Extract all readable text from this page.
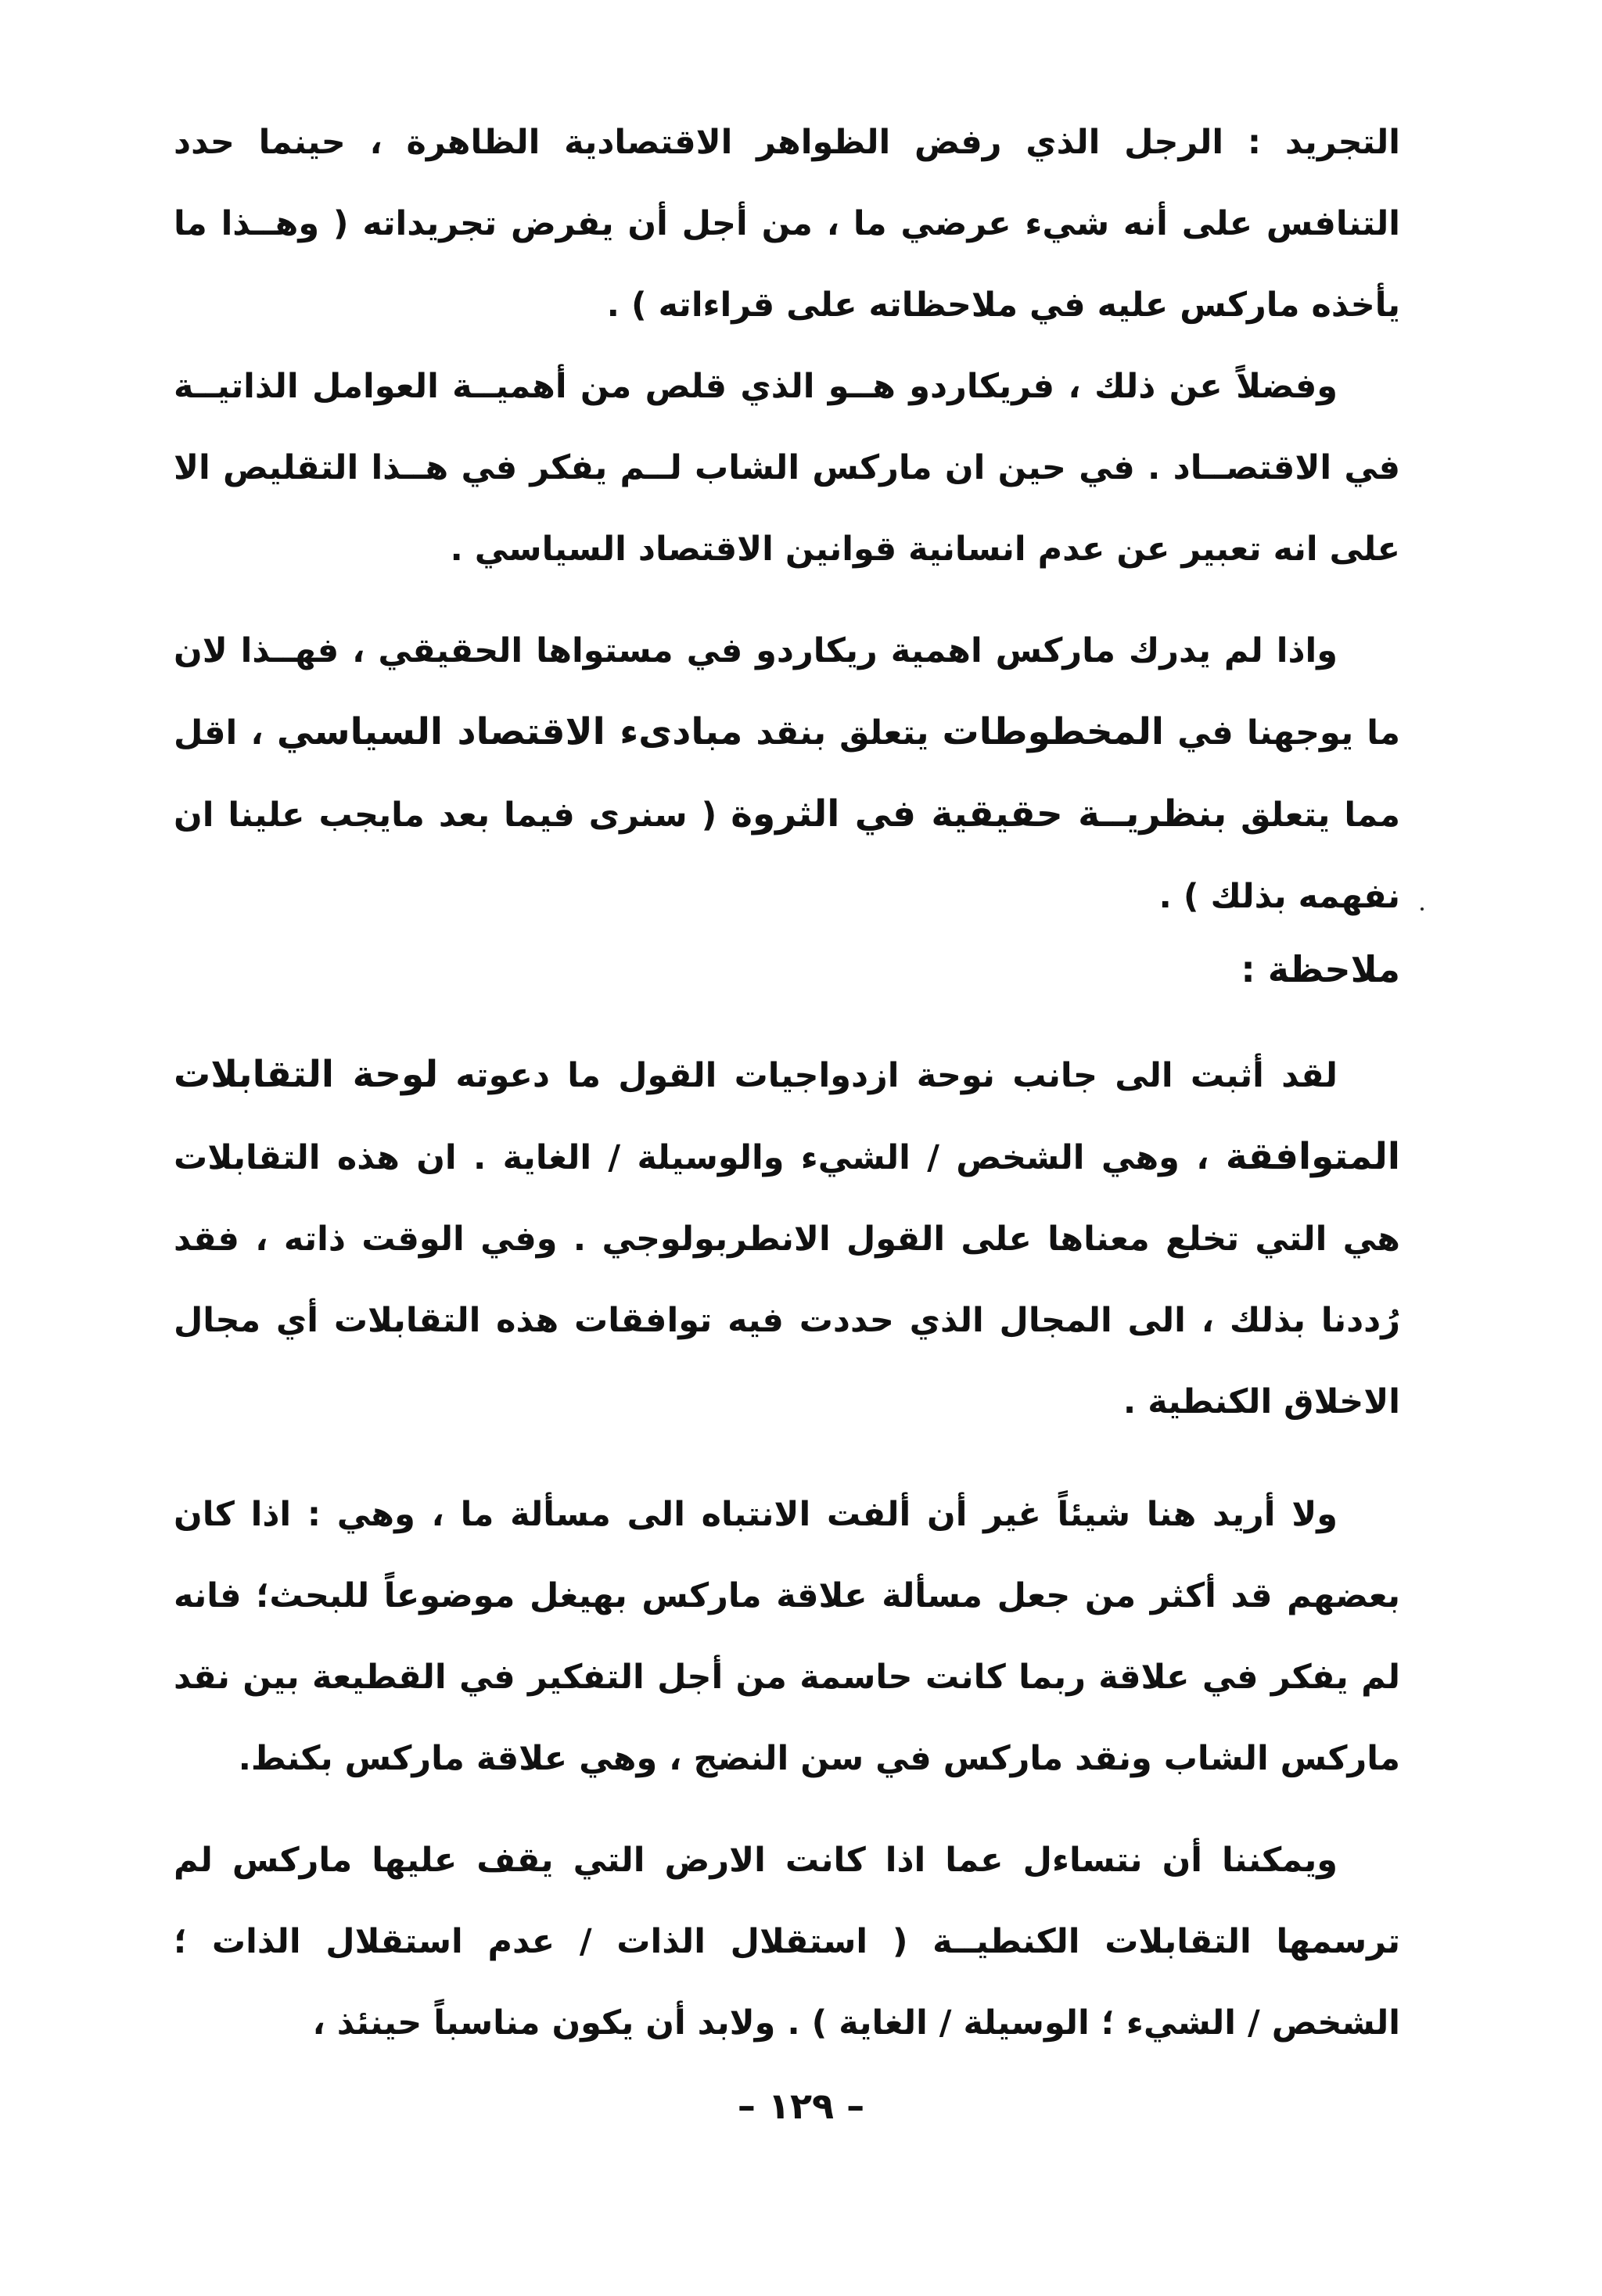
التجريد : الرجل الذي رفض الظواهر الاقتصادية الظاهرة ، حينما حدد التنافس على أنه شيء عرضي ما ، من أجل أن يفرض تجريداته ( وهــذا ما يأخذه ماركس عليه في ملاحظاته على قراءاته ) .

وفضلاً عن ذلك ، فريكاردو هــو الذي قلص من أهميــة العوامل الذاتيــة في الاقتصــاد . في حين ان ماركس الشاب لــم يفكر في هــذا التقليص الا على انه تعبير عن عدم انسانية قوانين الاقتصاد السياسي .

واذا لم يدرك ماركس اهمية ريكاردو في مستواها الحقيقي ، فهــذا لان ما يوجهنا في المخطوطات يتعلق بنقد مبادىء الاقتصاد السياسي ، اقل مما يتعلق بنظريــة حقيقية في الثروة ( سنرى فيما بعد مايجب علينا ان نفهمه بذلك ) .

ملاحظة :

لقد أثبت الى جانب نوحة ازدواجيات القول ما دعوته لوحة التقابلات المتوافقة ، وهي الشخص / الشيء والوسيلة / الغاية . ان هذه التقابلات هي التي تخلع معناها على القول الانطربولوجي . وفي الوقت ذاته ، فقد رُددنا بذلك ، الى المجال الذي حددت فيه توافقات هذه التقابلات أي مجال الاخلاق الكنطية .

ولا أريد هنا شيئاً غير أن ألفت الانتباه الى مسألة ما ، وهي : اذا كان بعضهم قد أكثر من جعل مسألة علاقة ماركس بهيغل موضوعاً للبحث؛ فانه لم يفكر في علاقة ربما كانت حاسمة من أجل التفكير في القطيعة بين نقد ماركس الشاب ونقد ماركس في سن النضج ، وهي علاقة ماركس بكنط.

ويمكننا أن نتساءل عما اذا كانت الارض التي يقف عليها ماركس لم ترسمها التقابلات الكنطيــة ( استقلال الذات / عدم استقلال الذات ؛ الشخص / الشيء ؛ الوسيلة / الغاية ) . ولابد أن يكون مناسباً حينئذ ،

– ١٢٩ –
